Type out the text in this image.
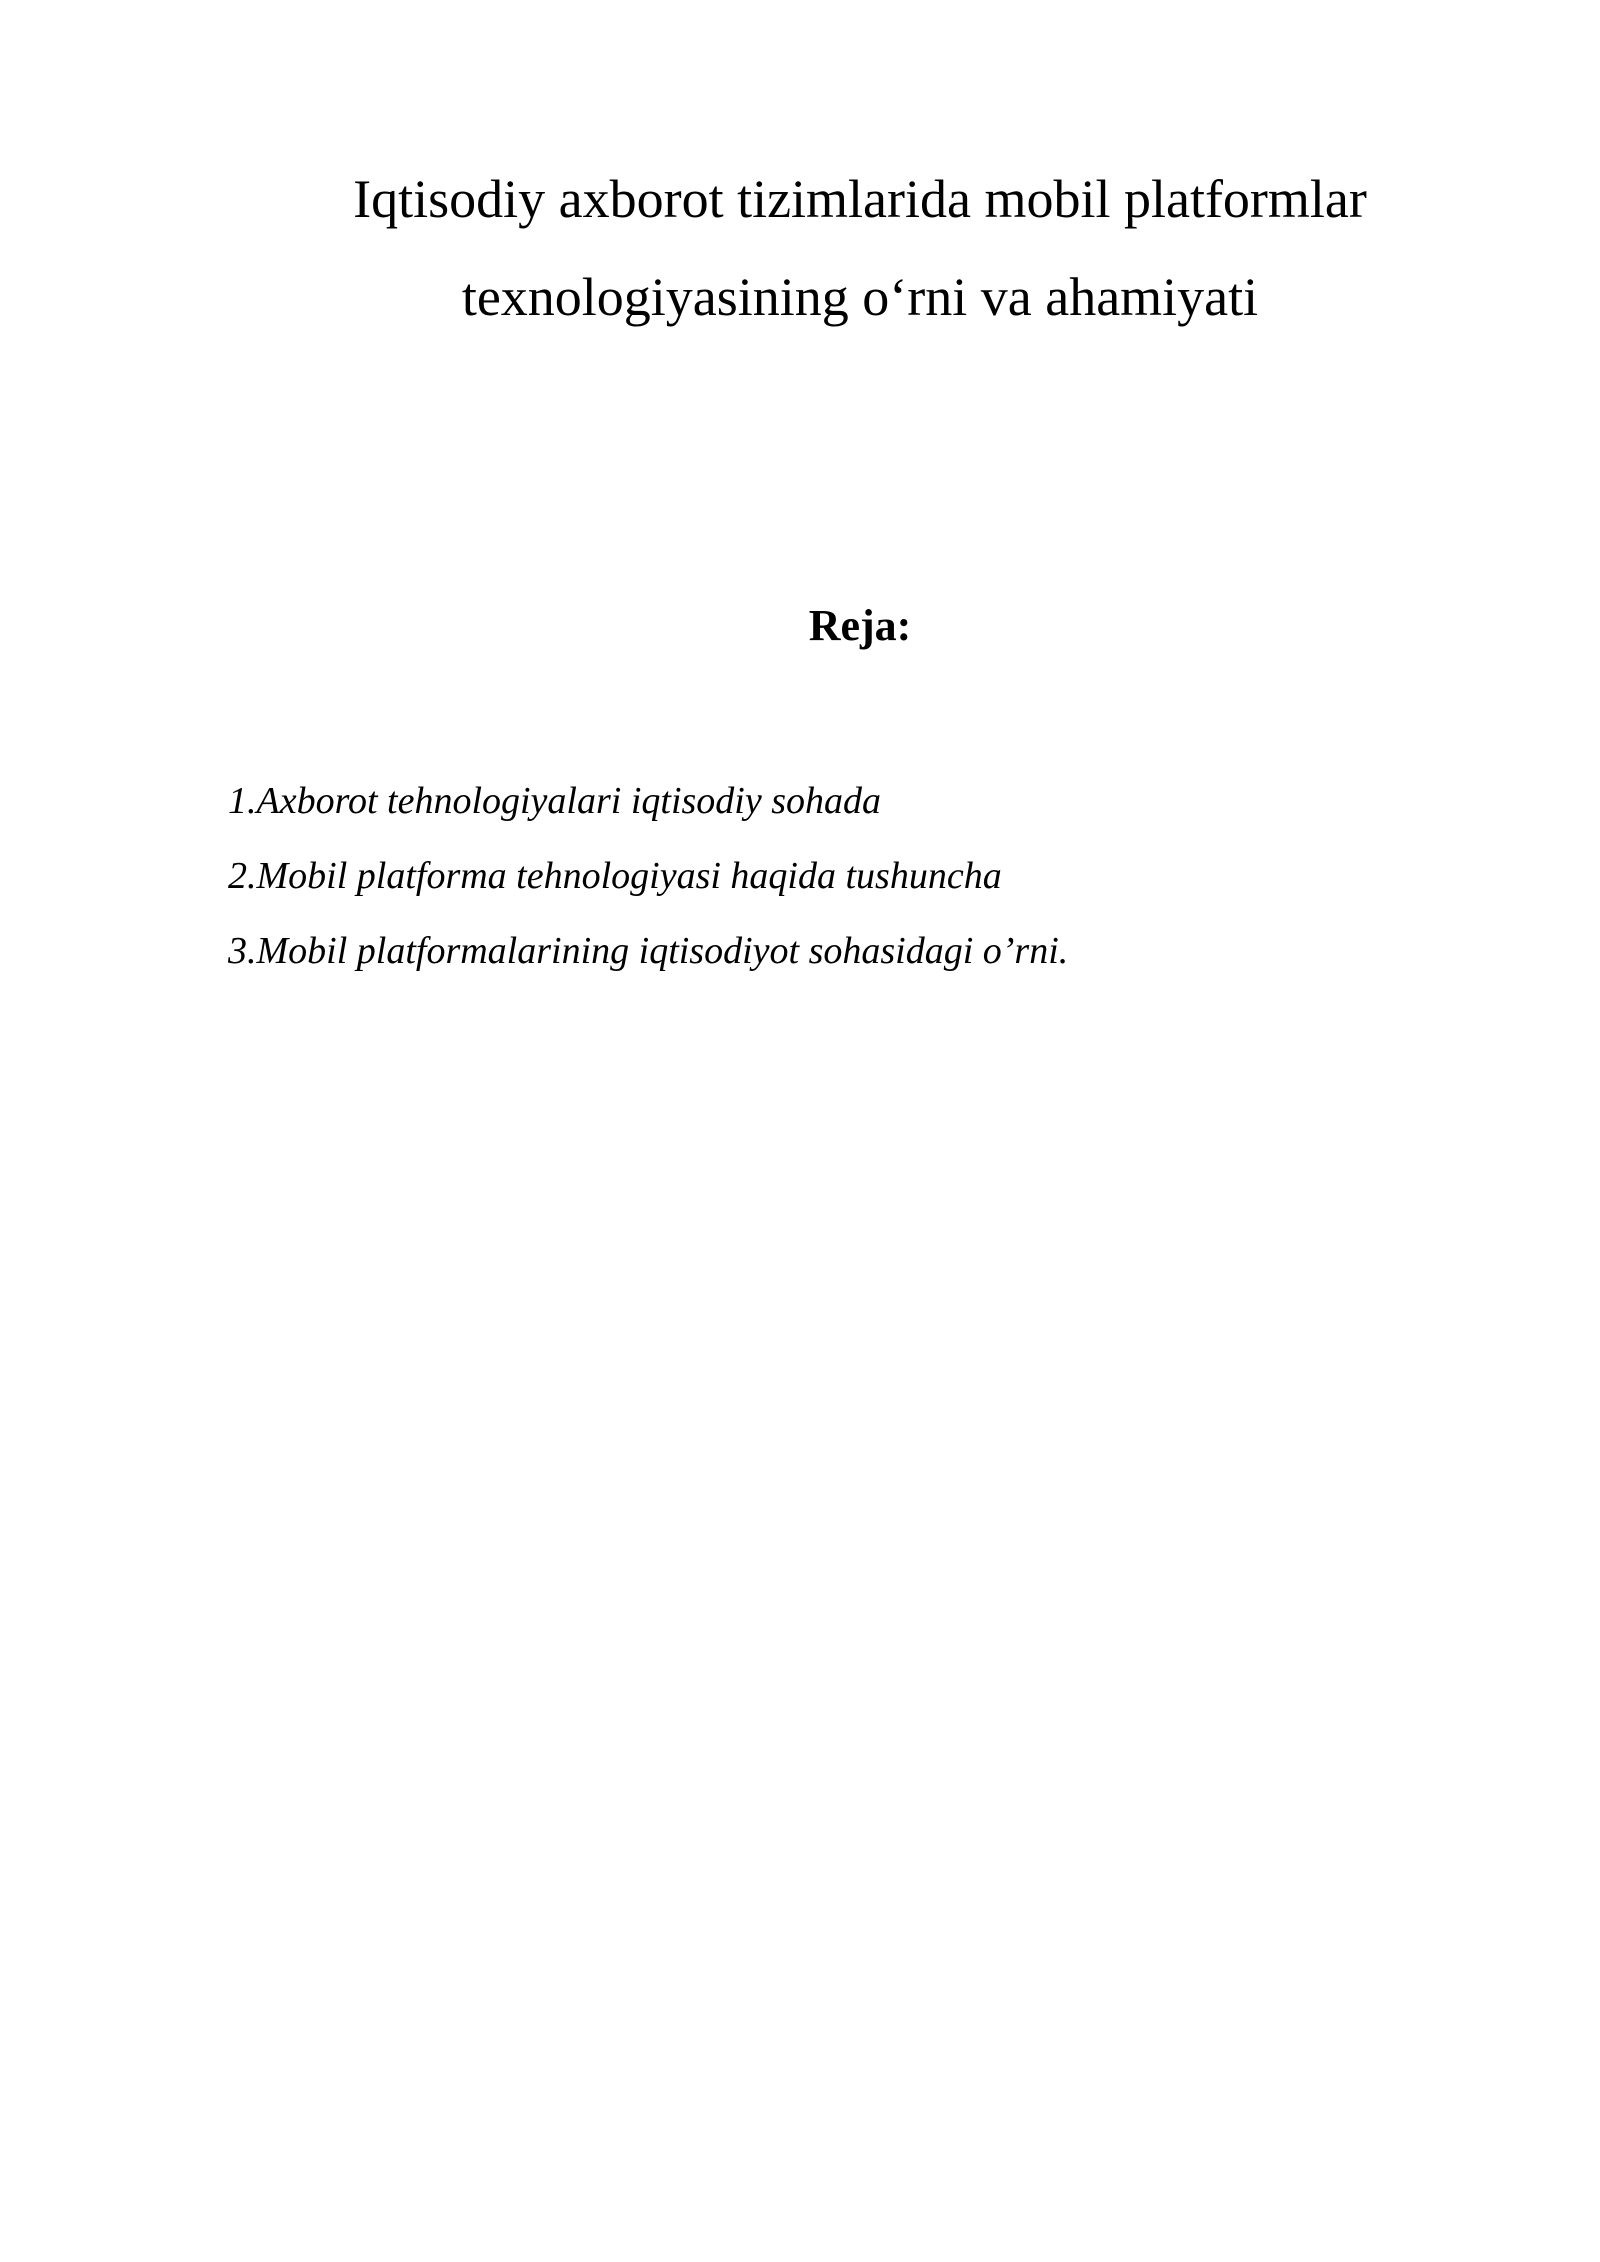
Iqtisodiy axborot tizimlarida mobil platformlar
texnologiyasining o‘rni va ahamiyati
Reja:
1.Axborot tehnologiyalari iqtisodiy sohada
2.Mobil platforma tehnologiyasi haqida tushuncha
3.Mobil platformalarining iqtisodiyot sohasidagi o’rni.
